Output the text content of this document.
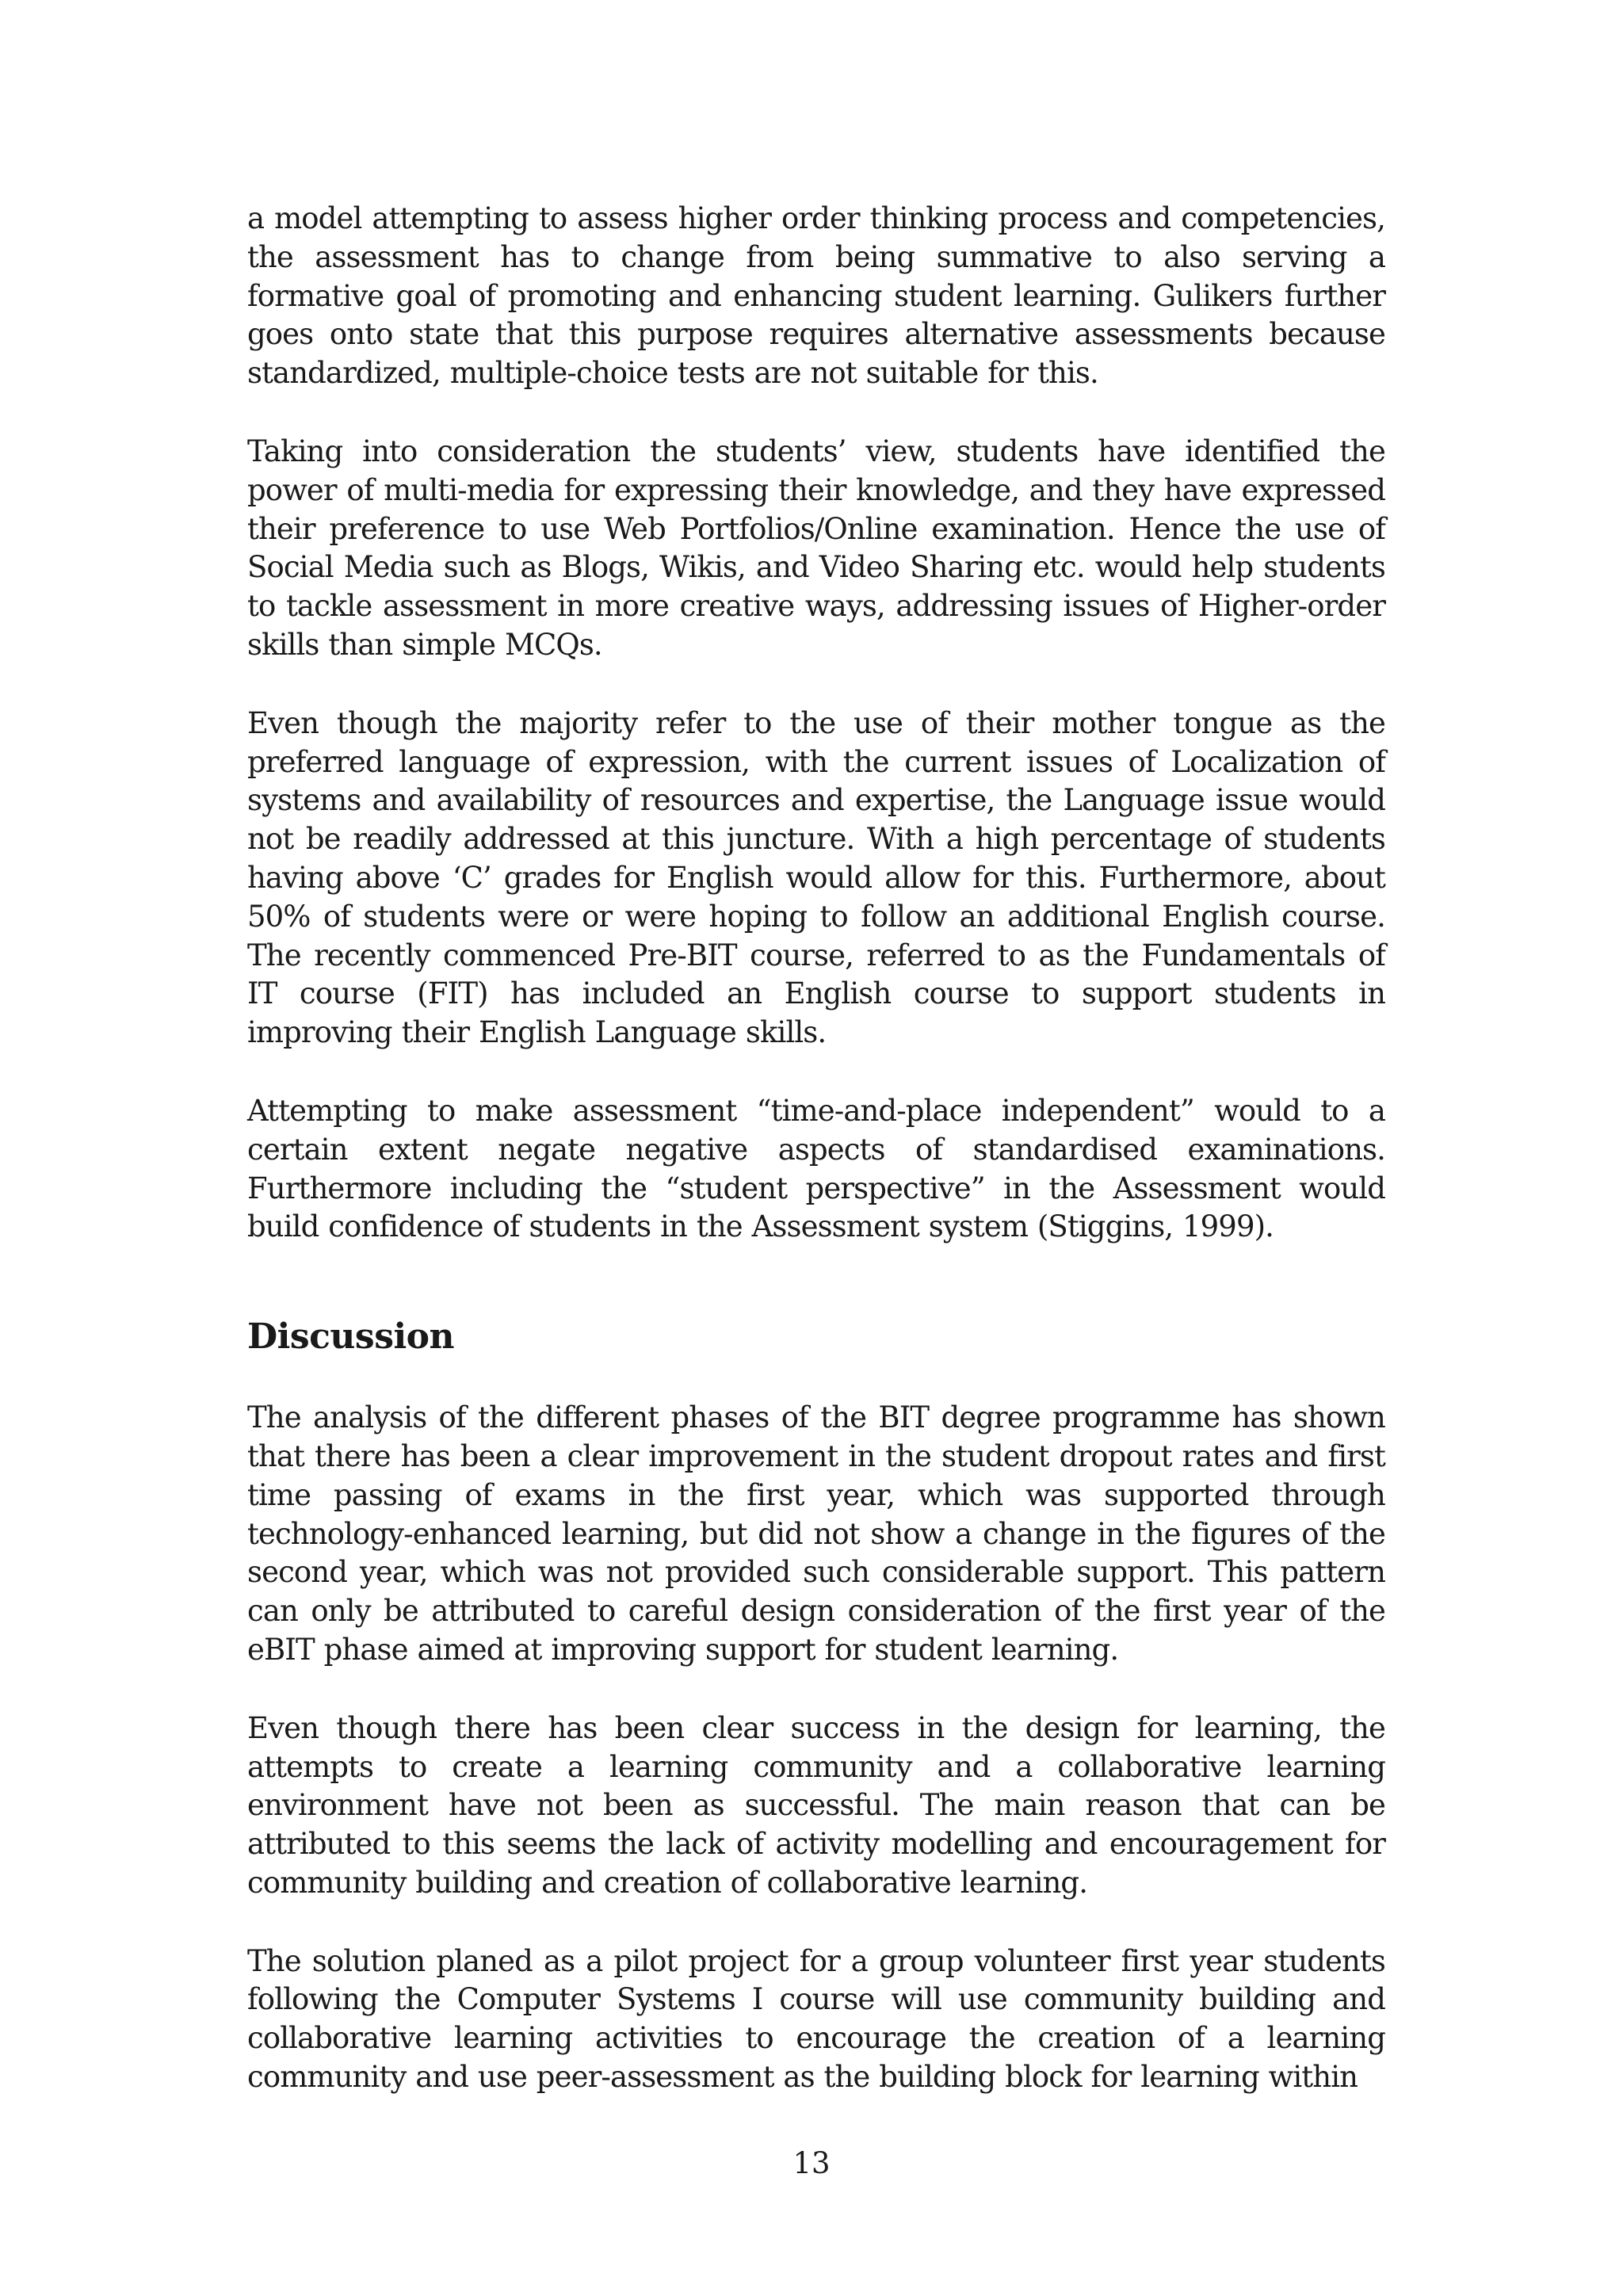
a model attempting to assess higher order thinking process and competencies, the assessment has to change from being summative to also serving a formative goal of promoting and enhancing student learning. Gulikers further goes onto state that this purpose requires alternative assessments because standardized, multiple-choice tests are not suitable for this.

Taking into consideration the students’ view, students have identified the power of multi-media for expressing their knowledge, and they have expressed their preference to use Web Portfolios/Online examination. Hence the use of Social Media such as Blogs, Wikis, and Video Sharing etc. would help students to tackle assessment in more creative ways, addressing issues of Higher-order skills than simple MCQs.

Even though the majority refer to the use of their mother tongue as the preferred language of expression, with the current issues of Localization of systems and availability of resources and expertise, the Language issue would not be readily addressed at this juncture. With a high percentage of students having above ‘C’ grades for English would allow for this. Furthermore, about 50% of students were or were hoping to follow an additional English course. The recently commenced Pre-BIT course, referred to as the Fundamentals of IT course (FIT) has included an English course to support students in improving their English Language skills.

Attempting to make assessment “time-and-place independent” would to a certain extent negate negative aspects of standardised examinations. Furthermore including the “student perspective” in the Assessment would build confidence of students in the Assessment system (Stiggins, 1999).

Discussion

The analysis of the different phases of the BIT degree programme has shown that there has been a clear improvement in the student dropout rates and first time passing of exams in the first year, which was supported through technology-enhanced learning, but did not show a change in the figures of the second year, which was not provided such considerable support. This pattern can only be attributed to careful design consideration of the first year of the eBIT phase aimed at improving support for student learning.

Even though there has been clear success in the design for learning, the attempts to create a learning community and a collaborative learning environment have not been as successful. The main reason that can be attributed to this seems the lack of activity modelling and encouragement for community building and creation of collaborative learning.

The solution planed as a pilot project for a group volunteer first year students following the Computer Systems I course will use community building and collaborative learning activities to encourage the creation of a learning community and use peer-assessment as the building block for learning within

13
